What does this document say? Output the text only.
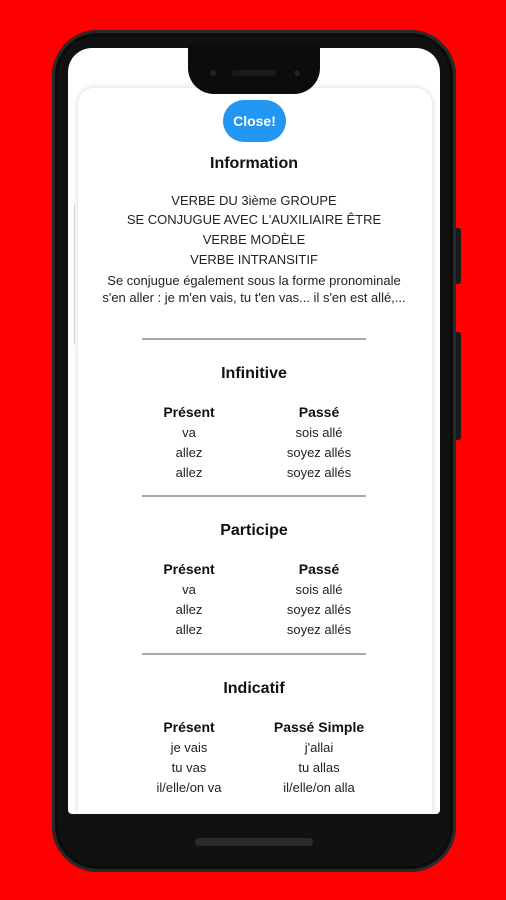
Close!
Information
VERBE DU 3ième GROUPE
SE CONJUGUE AVEC L'AUXILIAIRE ÊTRE
VERBE MODÈLE
VERBE INTRANSITIF
Se conjugue également sous la forme pronominale s'en aller : je m'en vais, tu t'en vas... il s'en est allé,...
Infinitive
Présent
va
allez
allez
Passé
sois allé
soyez allés
soyez allés
Participe
Présent
va
allez
allez
Passé
sois allé
soyez allés
soyez allés
Indicatif
Présent
je vais
tu vas
il/elle/on va
Passé Simple
j'allai
tu allas
il/elle/on alla
